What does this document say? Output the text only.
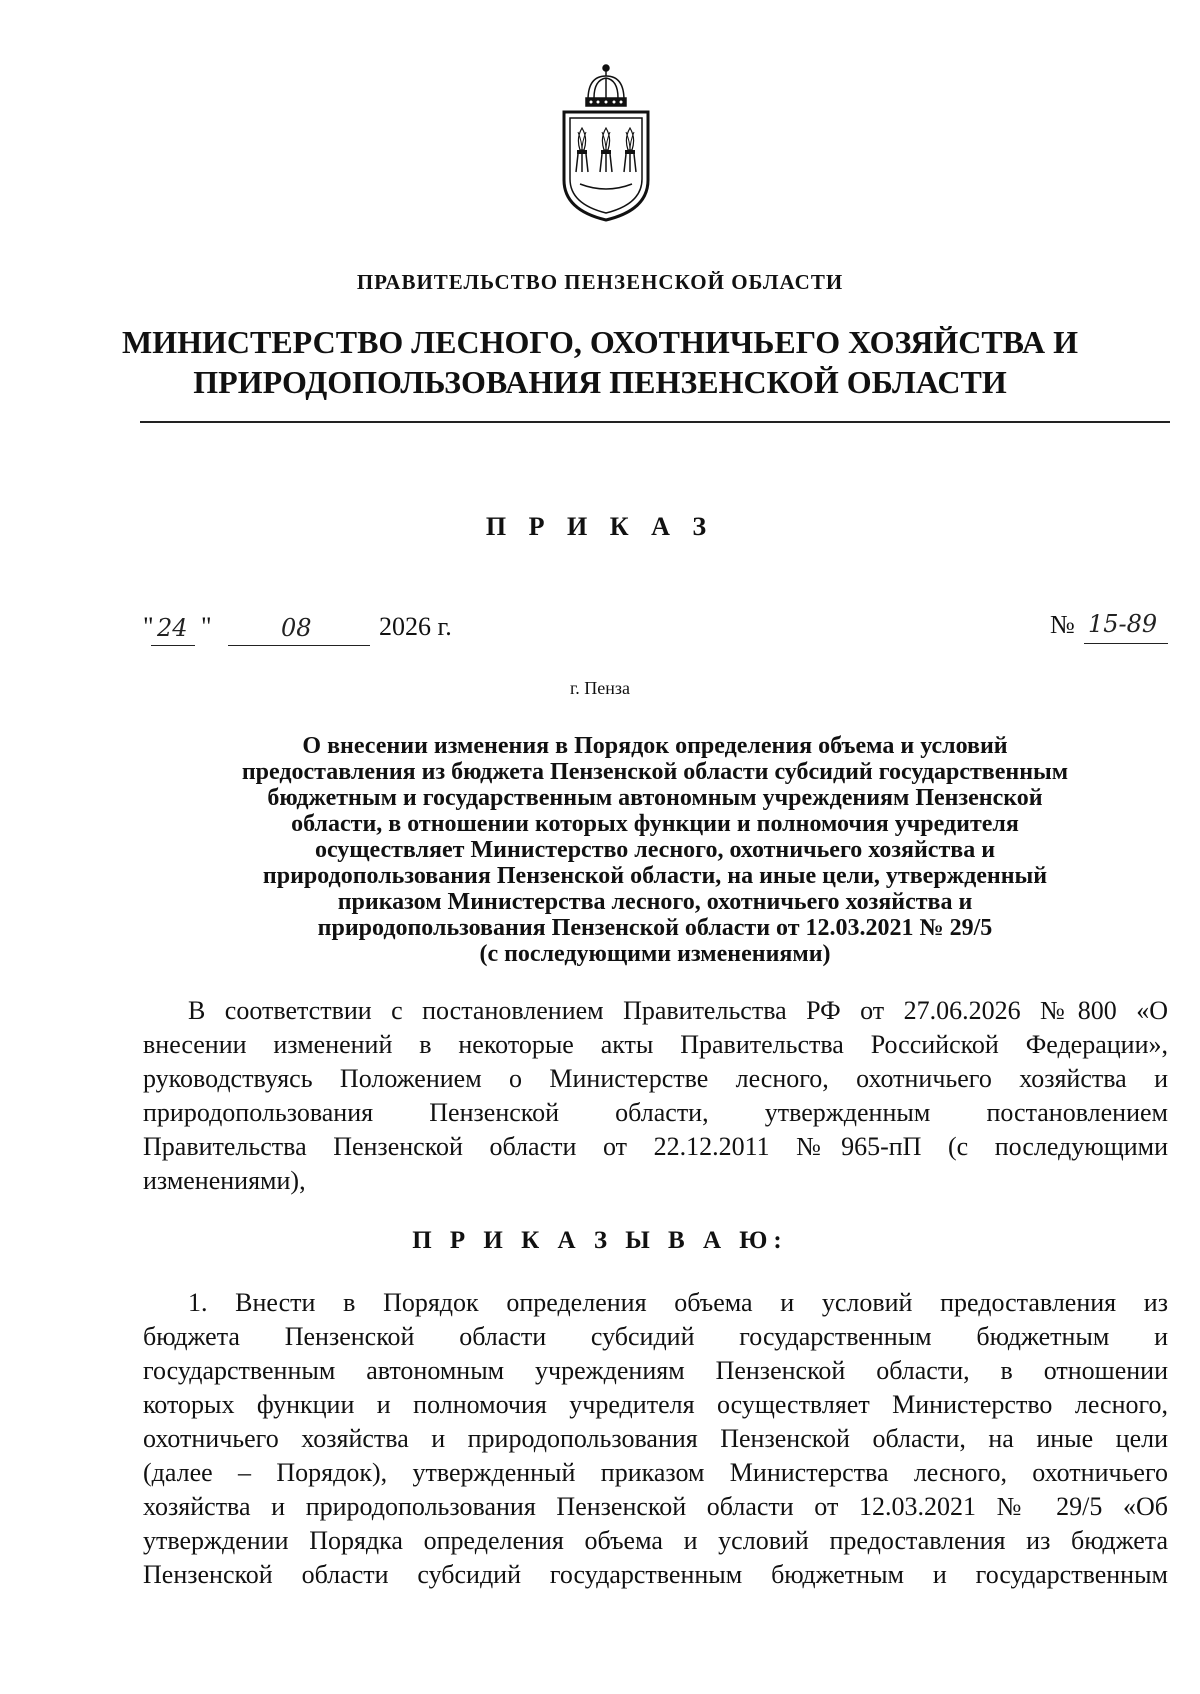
ПРАВИТЕЛЬСТВО ПЕНЗЕНСКОЙ ОБЛАСТИ
МИНИСТЕРСТВО ЛЕСНОГО, ОХОТНИЧЬЕГО ХОЗЯЙСТВА И
ПРИРОДОПОЛЬЗОВАНИЯ ПЕНЗЕНСКОЙ ОБЛАСТИ
П Р И К А З
" 24 "	08	2026 г.	№ 15-89
г. Пенза
О внесении изменения в Порядок определения объема и условий
предоставления из бюджета Пензенской области субсидий государственным
бюджетным и государственным автономным учреждениям Пензенской
области, в отношении которых функции и полномочия учредителя
осуществляет Министерство лесного, охотничьего хозяйства и
природопользования Пензенской области, на иные цели, утвержденный
приказом Министерства лесного, охотничьего хозяйства и
природопользования Пензенской области от 12.03.2021 № 29/5
(с последующими изменениями)
В соответствии с постановлением Правительства РФ от 27.06.2026 №800 «О
внесении изменений в некоторые акты Правительства Российской Федерации»,
руководствуясь Положением о Министерстве лесного, охотничьего хозяйства и
природопользования Пензенской области, утвержденным постановлением
Правительства Пензенской области от 22.12.2011 №965-пП (с последующими
изменениями),
П Р И К А З Ы В А Ю:
1. Внести в Порядок определения объема и условий предоставления из
бюджета Пензенской области субсидий государственным бюджетным и
государственным автономным учреждениям Пензенской области, в отношении
которых функции и полномочия учредителя осуществляет Министерство лесного,
охотничьего хозяйства и природопользования Пензенской области, на иные цели
(далее – Порядок), утвержденный приказом Министерства лесного, охотничьего
хозяйства и природопользования Пензенской области от 12.03.2021 № 29/5 «Об
утверждении Порядка определения объема и условий предоставления из бюджета
Пензенской области субсидий государственным бюджетным и государственным
